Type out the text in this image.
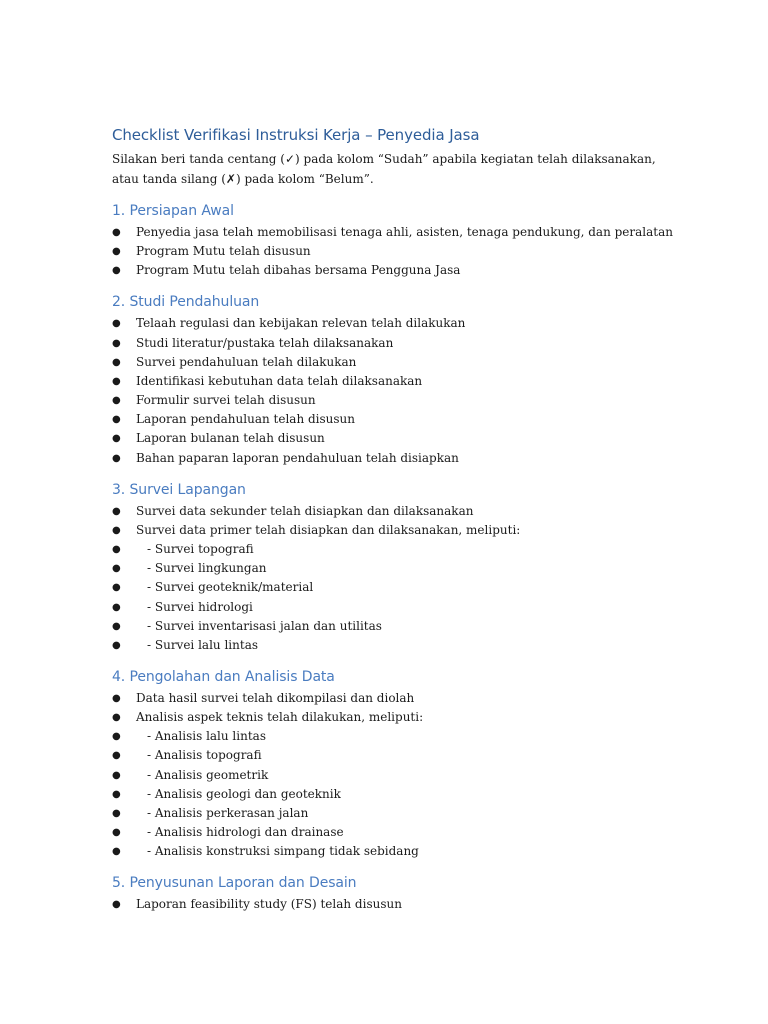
Checklist Verifikasi Instruksi Kerja – Penyedia Jasa

Silakan beri tanda centang (✓) pada kolom “Sudah” apabila kegiatan telah dilaksanakan,
atau tanda silang (✗) pada kolom “Belum”.

1. Persiapan Awal
●
Penyedia jasa telah memobilisasi tenaga ahli, asisten, tenaga pendukung, dan peralatan
●
Program Mutu telah disusun
●
Program Mutu telah dibahas bersama Pengguna Jasa
2. Studi Pendahuluan
●
Telaah regulasi dan kebijakan relevan telah dilakukan
●
Studi literatur/pustaka telah dilaksanakan
●
Survei pendahuluan telah dilakukan
●
Identifikasi kebutuhan data telah dilaksanakan
●
Formulir survei telah disusun
●
Laporan pendahuluan telah disusun
●
Laporan bulanan telah disusun
●
Bahan paparan laporan pendahuluan telah disiapkan
3. Survei Lapangan
●
Survei data sekunder telah disiapkan dan dilaksanakan
●
Survei data primer telah disiapkan dan dilaksanakan, meliputi:
●
- Survei topografi
●
- Survei lingkungan
●
- Survei geoteknik/material
●
- Survei hidrologi
●
- Survei inventarisasi jalan dan utilitas
●
- Survei lalu lintas
4. Pengolahan dan Analisis Data
●
Data hasil survei telah dikompilasi dan diolah
●
Analisis aspek teknis telah dilakukan, meliputi:
●
- Analisis lalu lintas
●
- Analisis topografi
●
- Analisis geometrik
●
- Analisis geologi dan geoteknik
●
- Analisis perkerasan jalan
●
- Analisis hidrologi dan drainase
●
- Analisis konstruksi simpang tidak sebidang
5. Penyusunan Laporan dan Desain
●
Laporan feasibility study (FS) telah disusun
